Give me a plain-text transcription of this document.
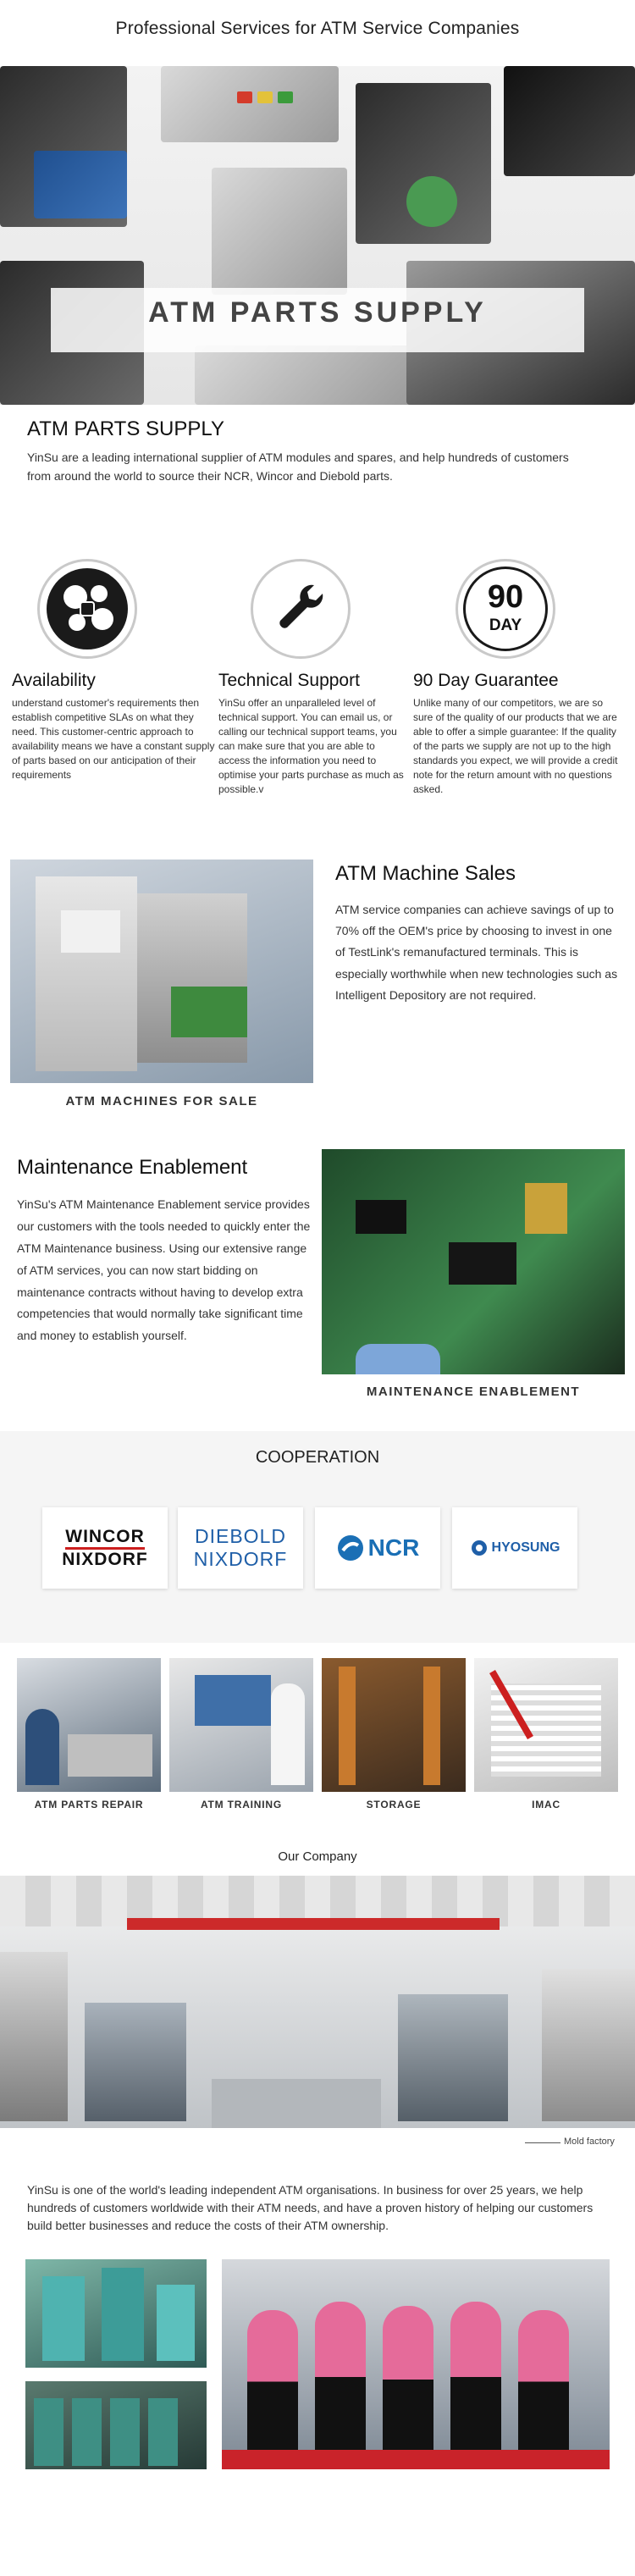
Professional Services for ATM Service Companies
ATM PARTS SUPPLY
ATM PARTS SUPPLY
YinSu are a leading international supplier of ATM modules and spares, and help hundreds of customers from around the world to source their NCR, Wincor and Diebold parts.
90
DAY
Availability
understand customer's requirements then establish competitive SLAs on what they need. This customer-centric approach to availability means we have a constant supply of parts based on our anticipation of their requirements
Technical Support
YinSu offer an unparalleled level of technical support. You can email us, or calling our technical support teams, you can make sure that you are able to access the information you need to optimise your parts purchase as much as possible.v
90 Day Guarantee
Unlike many of our competitors, we are so sure of the quality of our products that we are able to offer a simple guarantee: If the quality of the parts we supply are not up to the high standards you expect, we will provide a credit note for the return amount with no questions asked.
ATM MACHINES FOR SALE
ATM Machine Sales
ATM service companies can achieve savings of up to 70% off the OEM's price by choosing to invest in one of TestLink's remanufactured terminals. This is especially worthwhile when new technologies such as Intelligent Depository are not required.
Maintenance Enablement
YinSu's ATM Maintenance Enablement service provides our customers with the tools needed to quickly enter the ATM Maintenance business. Using our extensive range of ATM services, you can now start bidding on maintenance contracts without having to develop extra competencies that would normally take significant time and money to establish yourself.
MAINTENANCE ENABLEMENT
COOPERATION
WINCOR
NIXDORF
DIEBOLD
NIXDORF	NCR	HYOSUNG
ATM PARTS REPAIR	ATM TRAINING	STORAGE	IMAC
Our Company
Mold factory
YinSu is one of the world's leading independent ATM organisations. In business for over 25 years, we help hundreds of customers worldwide with their ATM needs, and have a proven history of helping our customers build better businesses and reduce the costs of their ATM ownership.
